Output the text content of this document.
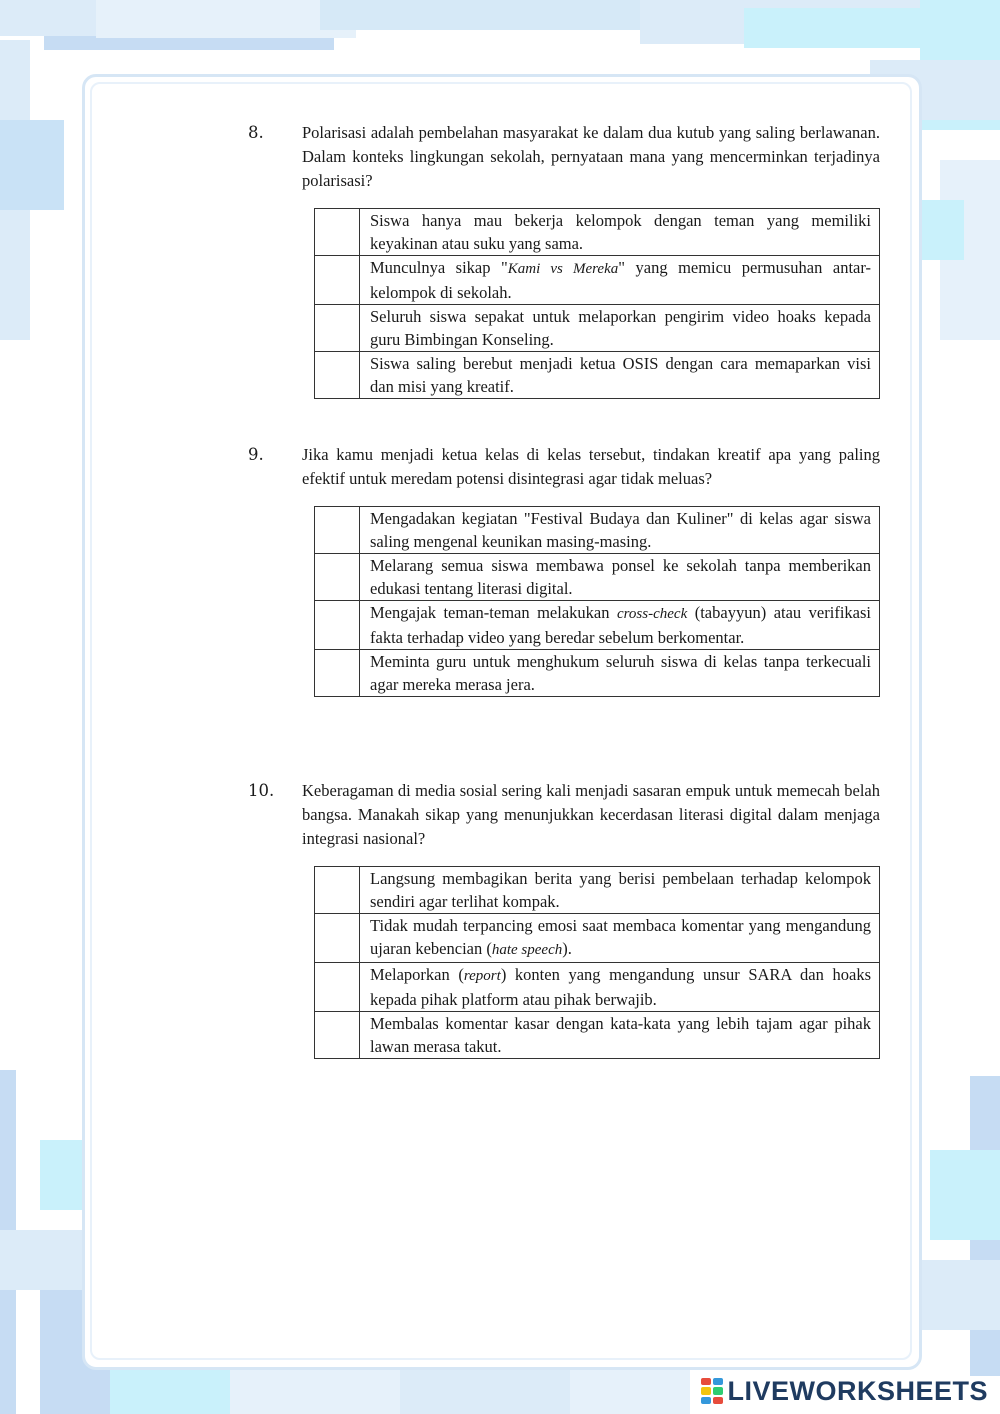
8.	Polarisasi adalah pembelahan masyarakat ke dalam dua kutub yang saling berlawanan. Dalam konteks lingkungan sekolah, pernyataan mana yang mencerminkan terjadinya polarisasi?
	Siswa hanya mau bekerja kelompok dengan teman yang memiliki keyakinan atau suku yang sama.
	Munculnya sikap "Kami vs Mereka" yang memicu permusuhan antar-kelompok di sekolah.
	Seluruh siswa sepakat untuk melaporkan pengirim video hoaks kepada guru Bimbingan Konseling.
	Siswa saling berebut menjadi ketua OSIS dengan cara memaparkan visi dan misi yang kreatif.
9.	Jika kamu menjadi ketua kelas di kelas tersebut, tindakan kreatif apa yang paling efektif untuk meredam potensi disintegrasi agar tidak meluas?
	Mengadakan kegiatan "Festival Budaya dan Kuliner" di kelas agar siswa saling mengenal keunikan masing-masing.
	Melarang semua siswa membawa ponsel ke sekolah tanpa memberikan edukasi tentang literasi digital.
	Mengajak teman-teman melakukan cross-check (tabayyun) atau verifikasi fakta terhadap video yang beredar sebelum berkomentar.
	Meminta guru untuk menghukum seluruh siswa di kelas tanpa terkecuali agar mereka merasa jera.
10.	Keberagaman di media sosial sering kali menjadi sasaran empuk untuk memecah belah bangsa. Manakah sikap yang menunjukkan kecerdasan literasi digital dalam menjaga integrasi nasional?
	Langsung membagikan berita yang berisi pembelaan terhadap kelompok sendiri agar terlihat kompak.
	Tidak mudah terpancing emosi saat membaca komentar yang mengandung ujaran kebencian (hate speech).
	Melaporkan (report) konten yang mengandung unsur SARA dan hoaks kepada pihak platform atau pihak berwajib.
	Membalas komentar kasar dengan kata-kata yang lebih tajam agar pihak lawan merasa takut.
LIVEWORKSHEETS
